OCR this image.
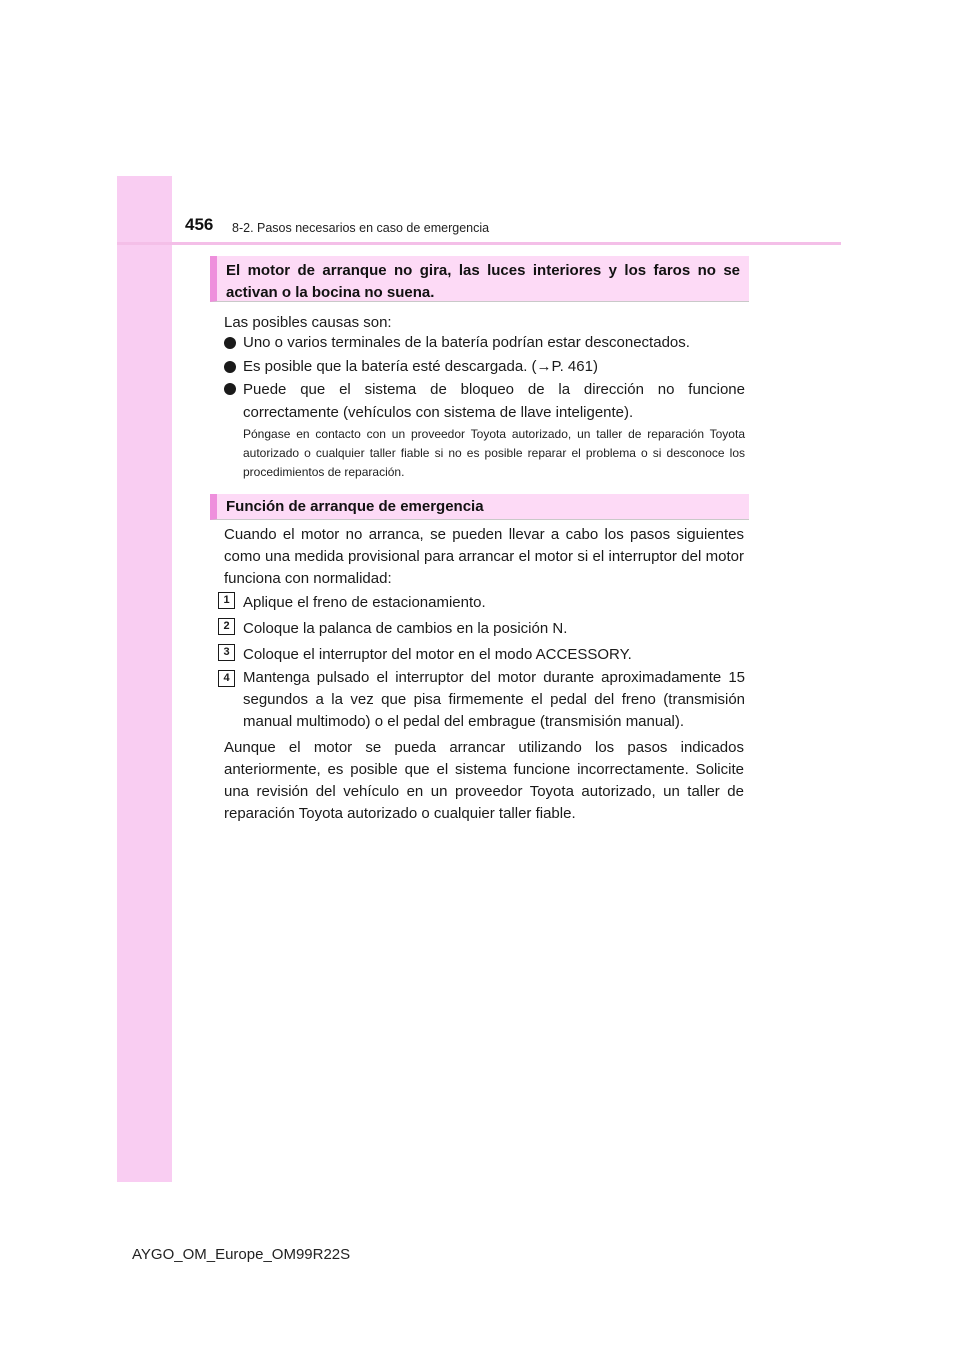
456 8-2. Pasos necesarios en caso de emergencia
El motor de arranque no gira, las luces interiores y los faros no se activan o la bocina no suena.

Las posibles causas son:

Uno o varios terminales de la batería podrían estar desconectados.

Es posible que la batería esté descargada. (→P. 461)

Puede que el sistema de bloqueo de la dirección no funcione correctamente (vehículos con sistema de llave inteligente).

Póngase en contacto con un proveedor Toyota autorizado, un taller de reparación Toyota autorizado o cualquier taller fiable si no es posible reparar el problema o si desconoce los procedimientos de reparación.

Función de arranque de emergencia

Cuando el motor no arranca, se pueden llevar a cabo los pasos siguientes como una medida provisional para arrancar el motor si el interruptor del motor funciona con normalidad:

1 Aplique el freno de estacionamiento.

2 Coloque la palanca de cambios en la posición N.

3 Coloque el interruptor del motor en el modo ACCESSORY.

4 Mantenga pulsado el interruptor del motor durante aproximadamente 15 segundos a la vez que pisa firmemente el pedal del freno (transmisión manual multimodo) o el pedal del embrague (transmisión manual).

Aunque el motor se pueda arrancar utilizando los pasos indicados anteriormente, es posible que el sistema funcione incorrectamente. Solicite una revisión del vehículo en un proveedor Toyota autorizado, un taller de reparación Toyota autorizado o cualquier taller fiable.

AYGO_OM_Europe_OM99R22S
